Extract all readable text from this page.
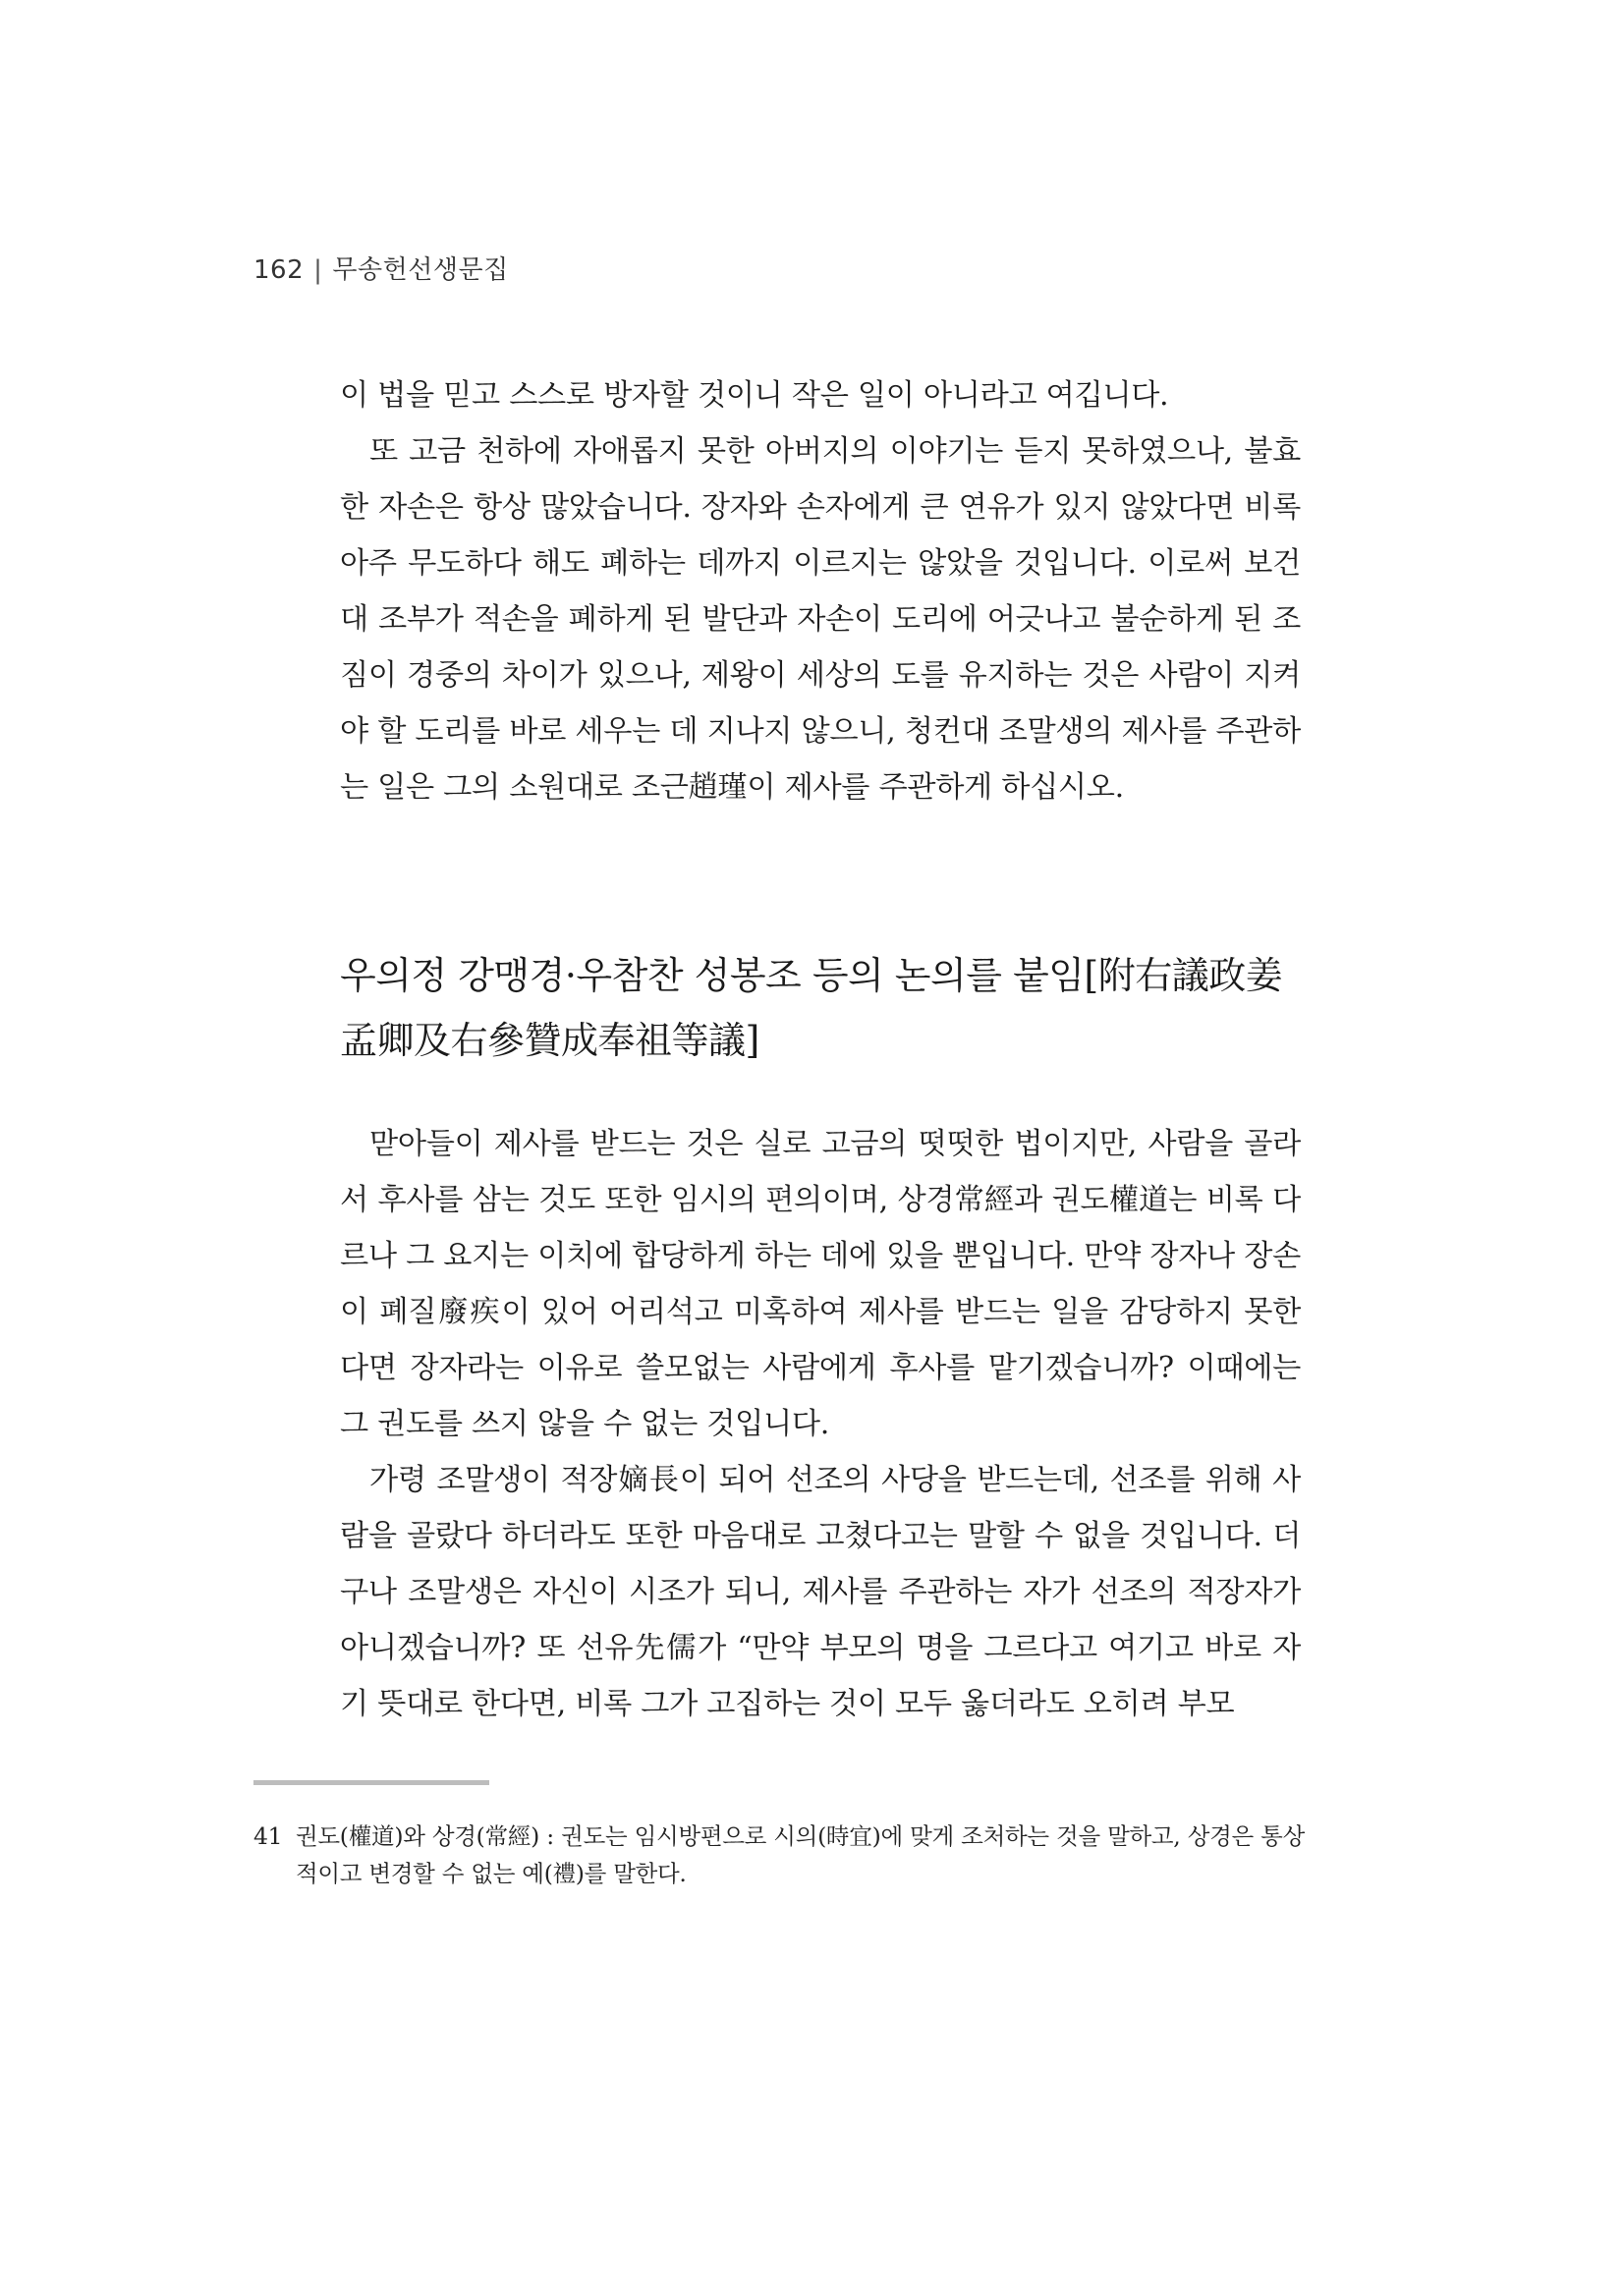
162 | 무송헌선생문집

이 법을 믿고 스스로 방자할 것이니 작은 일이 아니라고 여깁니다.

또 고금 천하에 자애롭지 못한 아버지의 이야기는 듣지 못하였으나, 불효한 자손은 항상 많았습니다. 장자와 손자에게 큰 연유가 있지 않았다면 비록 아주 무도하다 해도 폐하는 데까지 이르지는 않았을 것입니다. 이로써 보건대 조부가 적손을 폐하게 된 발단과 자손이 도리에 어긋나고 불순하게 된 조짐이 경중의 차이가 있으나, 제왕이 세상의 도를 유지하는 것은 사람이 지켜야 할 도리를 바로 세우는 데 지나지 않으니, 청컨대 조말생의 제사를 주관하는 일은 그의 소원대로 조근趙瑾이 제사를 주관하게 하십시오.

우의정 강맹경·우참찬 성봉조 등의 논의를 붙임[附右議政姜孟卿及右參贊成奉祖等議]

맏아들이 제사를 받드는 것은 실로 고금의 떳떳한 법이지만, 사람을 골라서 후사를 삼는 것도 또한 임시의 편의이며, 상경常經과 권도權道는 비록 다르나 그 요지는 이치에 합당하게 하는 데에 있을 뿐입니다. 만약 장자나 장손이 폐질廢疾이 있어 어리석고 미혹하여 제사를 받드는 일을 감당하지 못한다면 장자라는 이유로 쓸모없는 사람에게 후사를 맡기겠습니까? 이때에는 그 권도를 쓰지 않을 수 없는 것입니다.

가령 조말생이 적장嫡長이 되어 선조의 사당을 받드는데, 선조를 위해 사람을 골랐다 하더라도 또한 마음대로 고쳤다고는 말할 수 없을 것입니다. 더구나 조말생은 자신이 시조가 되니, 제사를 주관하는 자가 선조의 적장자가 아니겠습니까? 또 선유先儒가 “만약 부모의 명을 그르다고 여기고 바로 자기 뜻대로 한다면, 비록 그가 고집하는 것이 모두 옳더라도 오히려 부모

41 권도(權道)와 상경(常經) : 권도는 임시방편으로 시의(時宜)에 맞게 조처하는 것을 말하고, 상경은 통상적이고 변경할 수 없는 예(禮)를 말한다.
